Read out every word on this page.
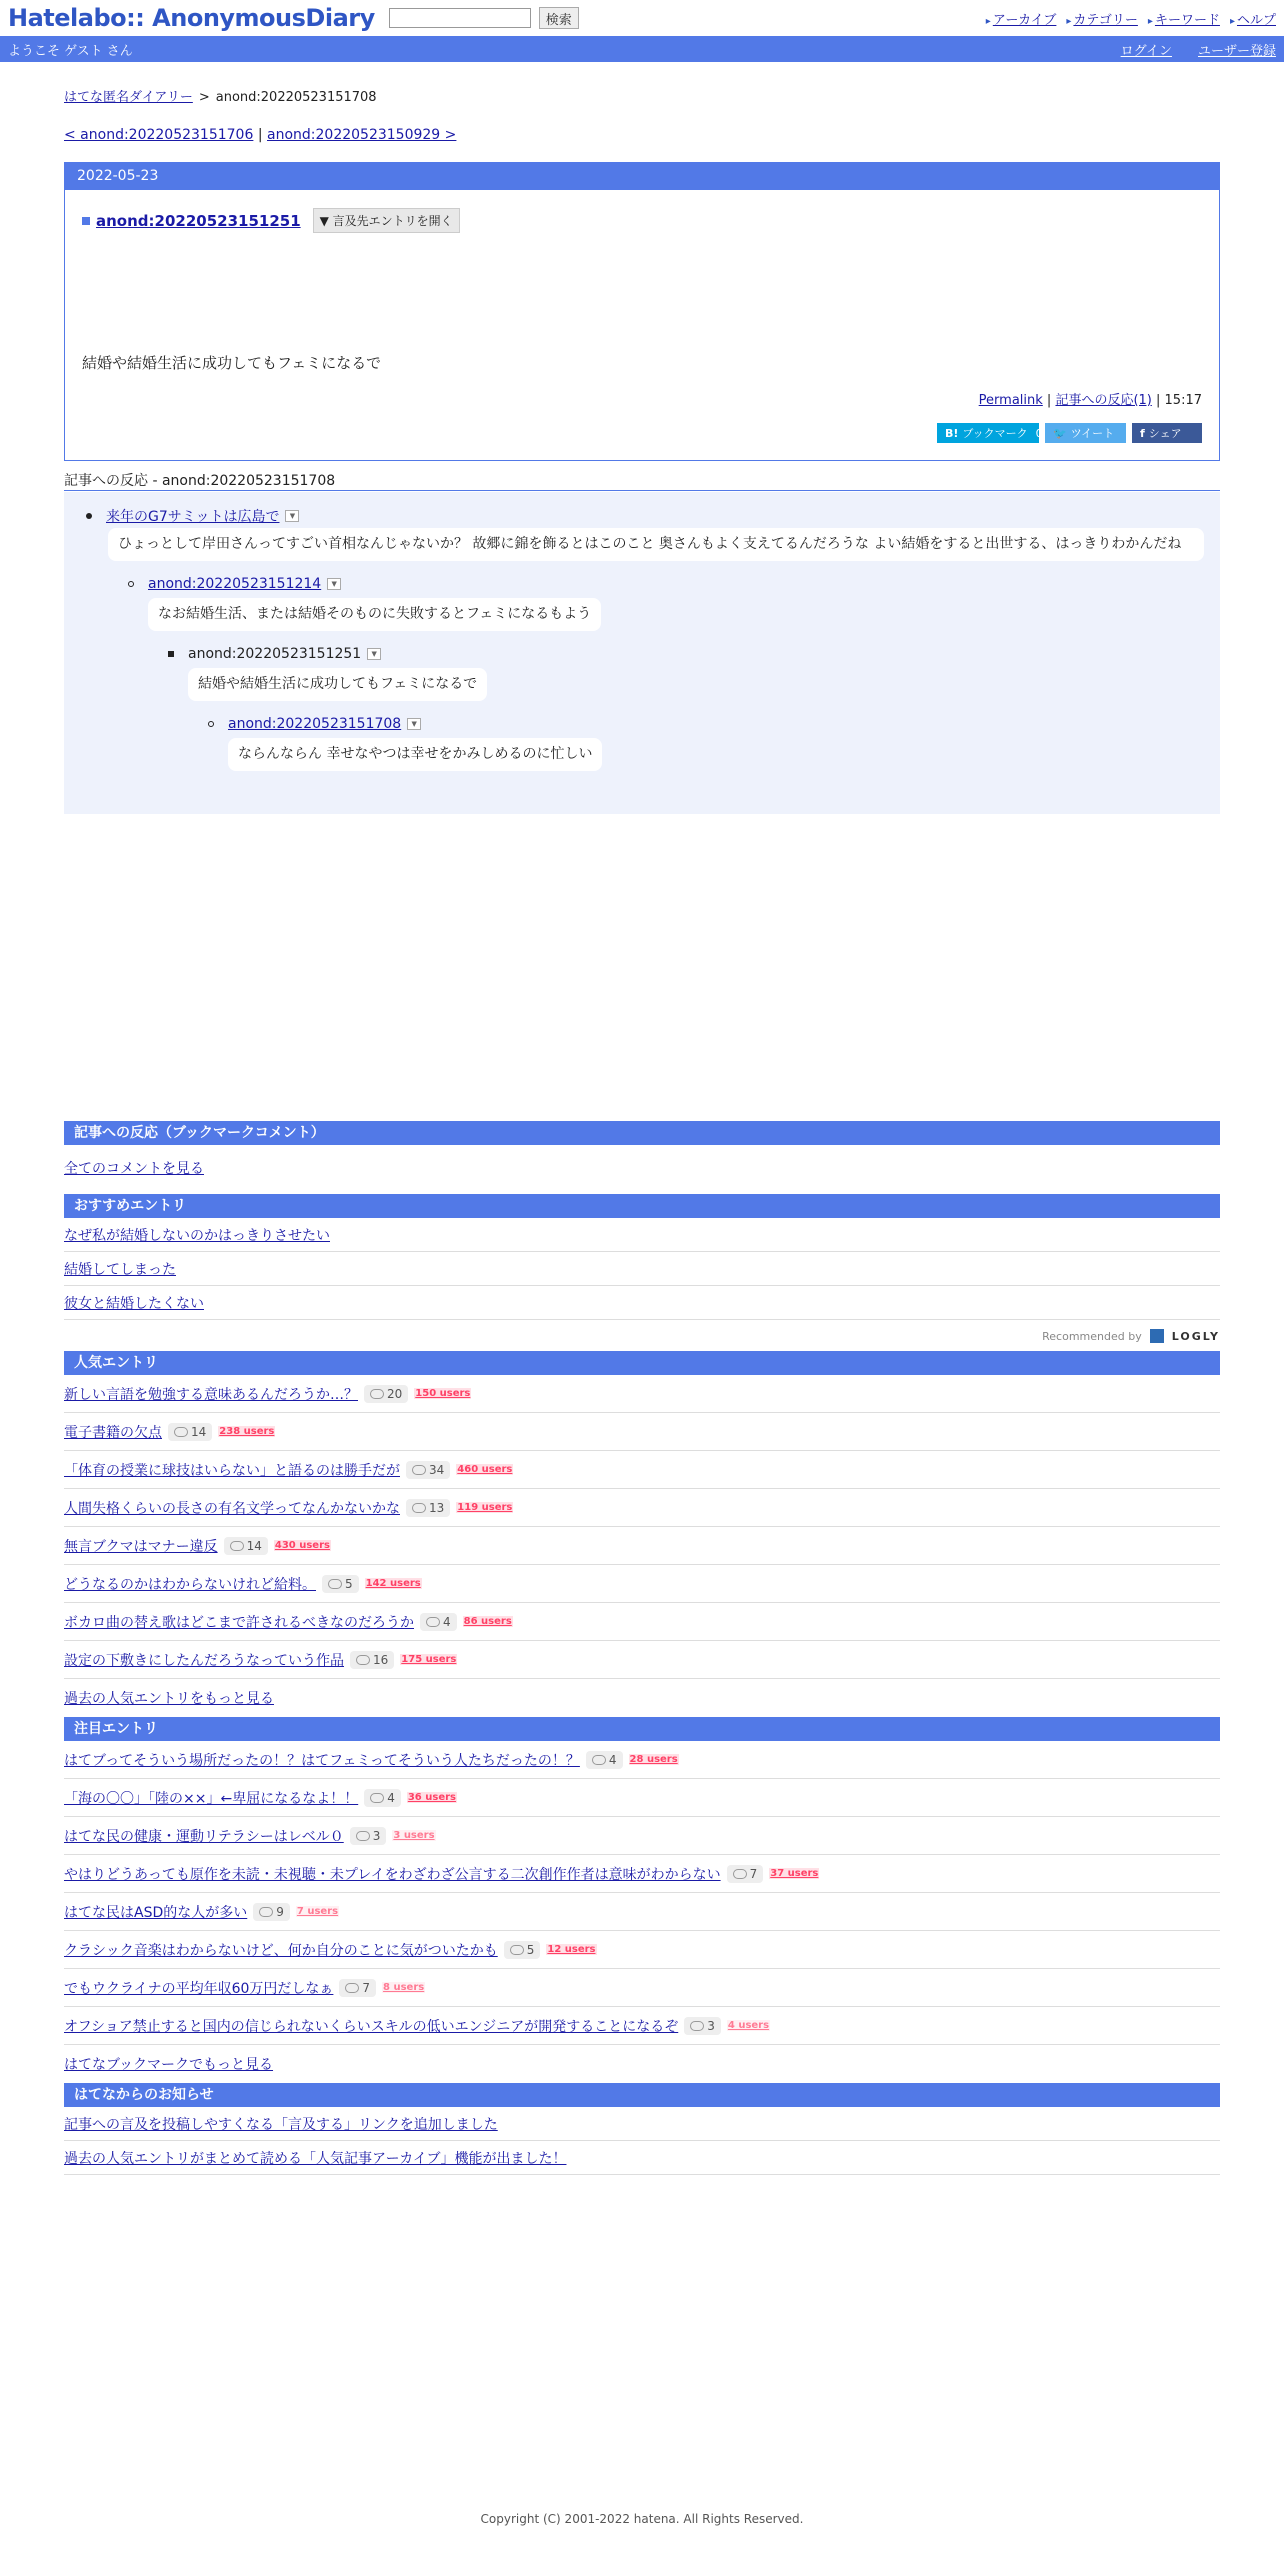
Hatelabo:: AnonymousDiary	検索	▸ アーカイブ	▸ カテゴリー	▸ キーワード	▸ ヘルプ
ようこそ ゲスト さん	ログイン ユーザー登録
はてな匿名ダイアリー > anond:20220523151708
< anond:20220523151706 | anond:20220523150929 >
2022-05-23
anond:20220523151251	▼ 言及先エントリを開く
結婚や結婚生活に成功してもフェミになるで
Permalink | 記事への反応(1) | 15:17
B! ブックマーク 0 🐦 ツイート f シェア
記事への反応 - anond:20220523151708
来年のG7サミットは広島で	▼
ひょっとして岸田さんってすごい首相なんじゃないか？ 故郷に錦を飾るとはこのこと 奥さんもよく支えてるんだろうな よい結婚をすると出世する、はっきりわかんだね
anond:20220523151214	▼
なお結婚生活、または結婚そのものに失敗するとフェミになるもよう
anond:20220523151251	▼
結婚や結婚生活に成功してもフェミになるで
anond:20220523151708	▼
ならんならん 幸せなやつは幸せをかみしめるのに忙しい
記事への反応（ブックマークコメント）
全てのコメントを見る
おすすめエントリ
なぜ私が結婚しないのかはっきりさせたい
結婚してしまった
彼女と結婚したくない
Recommended by	LOGLY
人気エントリ
新しい言語を勉強する意味あるんだろうか…？	20	150 users
電子書籍の欠点	14	238 users
「体育の授業に球技はいらない」と語るのは勝手だが	34	460 users
人間失格くらいの長さの有名文学ってなんかないかな	13	119 users
無言ブクマはマナー違反	14	430 users
どうなるのかはわからないけれど給料。	5	142 users
ボカロ曲の替え歌はどこまで許されるべきなのだろうか	4	86 users
設定の下敷きにしたんだろうなっていう作品	16	175 users
過去の人気エントリをもっと見る
注目エントリ
はてブってそういう場所だったの！？はてフェミってそういう人たちだったの！？	4	28 users
「海の〇〇」「陸の××」←卑屈になるなよ！！	4	36 users
はてな民の健康・運動リテラシーはレベル０	3	3 users
やはりどうあっても原作を未読・未視聴・未プレイをわざわざ公言する二次創作作者は意味がわからない	7	37 users
はてな民はASD的な人が多い	9	7 users
クラシック音楽はわからないけど、何か自分のことに気がついたかも	5	12 users
でもウクライナの平均年収60万円だしなぁ	7	8 users
オフショア禁止すると国内の信じられないくらいスキルの低いエンジニアが開発することになるぞ	3	4 users
はてなブックマークでもっと見る
はてなからのお知らせ
記事への言及を投稿しやすくなる「言及する」リンクを追加しました
過去の人気エントリがまとめて読める「人気記事アーカイブ」機能が出ました！
Copyright (C) 2001-2022 hatena. All Rights Reserved.
